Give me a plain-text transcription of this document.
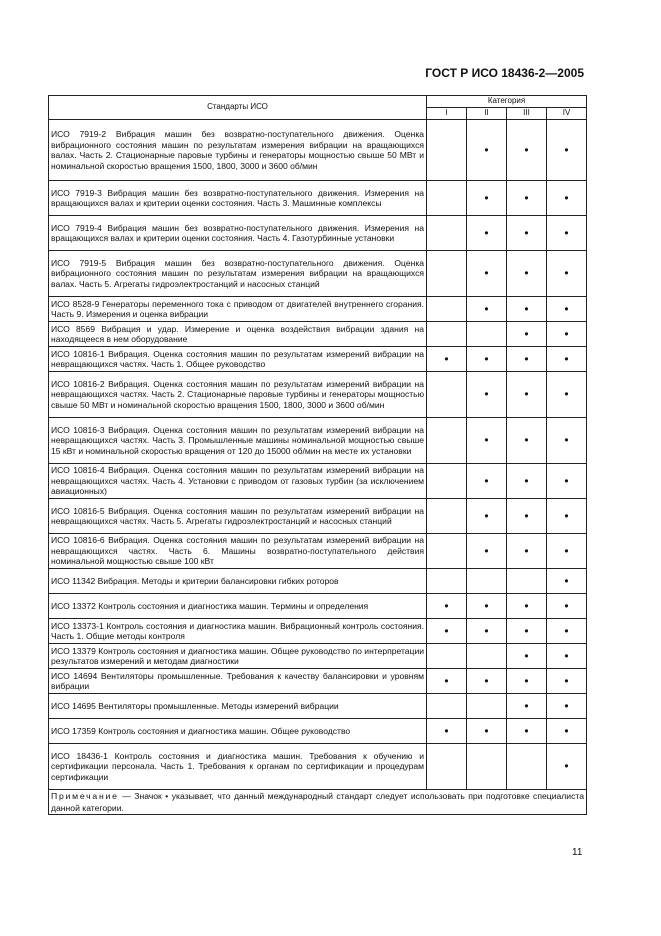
ГОСТ Р ИСО 18436-2—2005
Стандарты ИСО	Категория			
	I	II	III	IV
ИСО 7919-2 Вибрация машин без возвратно-поступательного движения. Оценка вибрационного состояния машин по результатам измерения вибрации на вращающихся валах. Часть 2. Стационарные паровые турбины и генераторы мощностью свыше 50 МВт и номинальной скоростью вращения 1500, 1800, 3000 и 3600 об/мин		•	•	•
ИСО 7919-3 Вибрация машин без возвратно-поступательного движения. Измерения на вращающихся валах и критерии оценки состояния. Часть 3. Машинные комплексы		•	•	•
ИСО 7919-4 Вибрация машин без возвратно-поступательного движения. Измерения на вращающихся валах и критерии оценки состояния. Часть 4. Газотурбинные установки		•	•	•
ИСО 7919-5 Вибрация машин без возвратно-поступательного движения. Оценка вибрационного состояния машин по результатам измерения вибрации на вращающихся валах. Часть 5. Агрегаты гидроэлектростанций и насосных станций		•	•	•
ИСО 8528-9 Генераторы переменного тока с приводом от двигателей внутреннего сгорания. Часть 9. Измерения и оценка вибрации		•	•	•
ИСО 8569 Вибрация и удар. Измерение и оценка воздействия вибрации здания на находящееся в нем оборудование			•	•
ИСО 10816-1 Вибрация. Оценка состояния машин по результатам измерений вибрации на невращающихся частях. Часть 1. Общее руководство	•	•	•	•
ИСО 10816-2 Вибрация. Оценка состояния машин по результатам измерений вибрации на невращающихся частях. Часть 2. Стационарные паровые турбины и генераторы мощностью свыше 50 МВт и номинальной скоростью вращения 1500, 1800, 3000 и 3600 об/мин		•	•	•
ИСО 10816-3 Вибрация. Оценка состояния машин по результатам измерений вибрации на невращающихся частях. Часть 3. Промышленные машины номинальной мощностью свыше 15 кВт и номинальной скоростью вращения от 120 до 15000 об/мин на месте их установки		•	•	•
ИСО 10816-4 Вибрация. Оценка состояния машин по результатам измерений вибрации на невращающихся частях. Часть 4. Установки с приводом от газовых турбин (за исключением авиационных)		•	•	•
ИСО 10816-5 Вибрация. Оценка состояния машин по результатам измерений вибрации на невращающихся частях. Часть 5. Агрегаты гидроэлектростанций и насосных станций		•	•	•
ИСО 10816-6 Вибрация. Оценка состояния машин по результатам измерений вибрации на невращающихся частях. Часть 6. Машины возвратно-поступательного действия номинальной мощностью свыше 100 кВт		•	•	•
ИСО 11342 Вибрация. Методы и критерии балансировки гибких роторов				•
ИСО 13372 Контроль состояния и диагностика машин. Термины и определения	•	•	•	•
ИСО 13373-1 Контроль состояния и диагностика машин. Вибрационный контроль состояния. Часть 1. Общие методы контроля	•	•	•	•
ИСО 13379 Контроль состояния и диагностика машин. Общее руководство по интерпретации результатов измерений и методам диагностики			•	•
ИСО 14694 Вентиляторы промышленные. Требования к качеству балансировки и уровням вибрации	•	•	•	•
ИСО 14695 Вентиляторы промышленные. Методы измерений вибрации			•	•
ИСО 17359 Контроль состояния и диагностика машин. Общее руководство	•	•	•	•
ИСО 18436-1 Контроль состояния и диагностика машин. Требования к обучению и сертификации персонала. Часть 1. Требования к органам по сертификации и процедурам сертификации				•
Примечание — Значок • указывает, что данный международный стандарт следует использовать при подготовке специалиста данной категории.				
11
